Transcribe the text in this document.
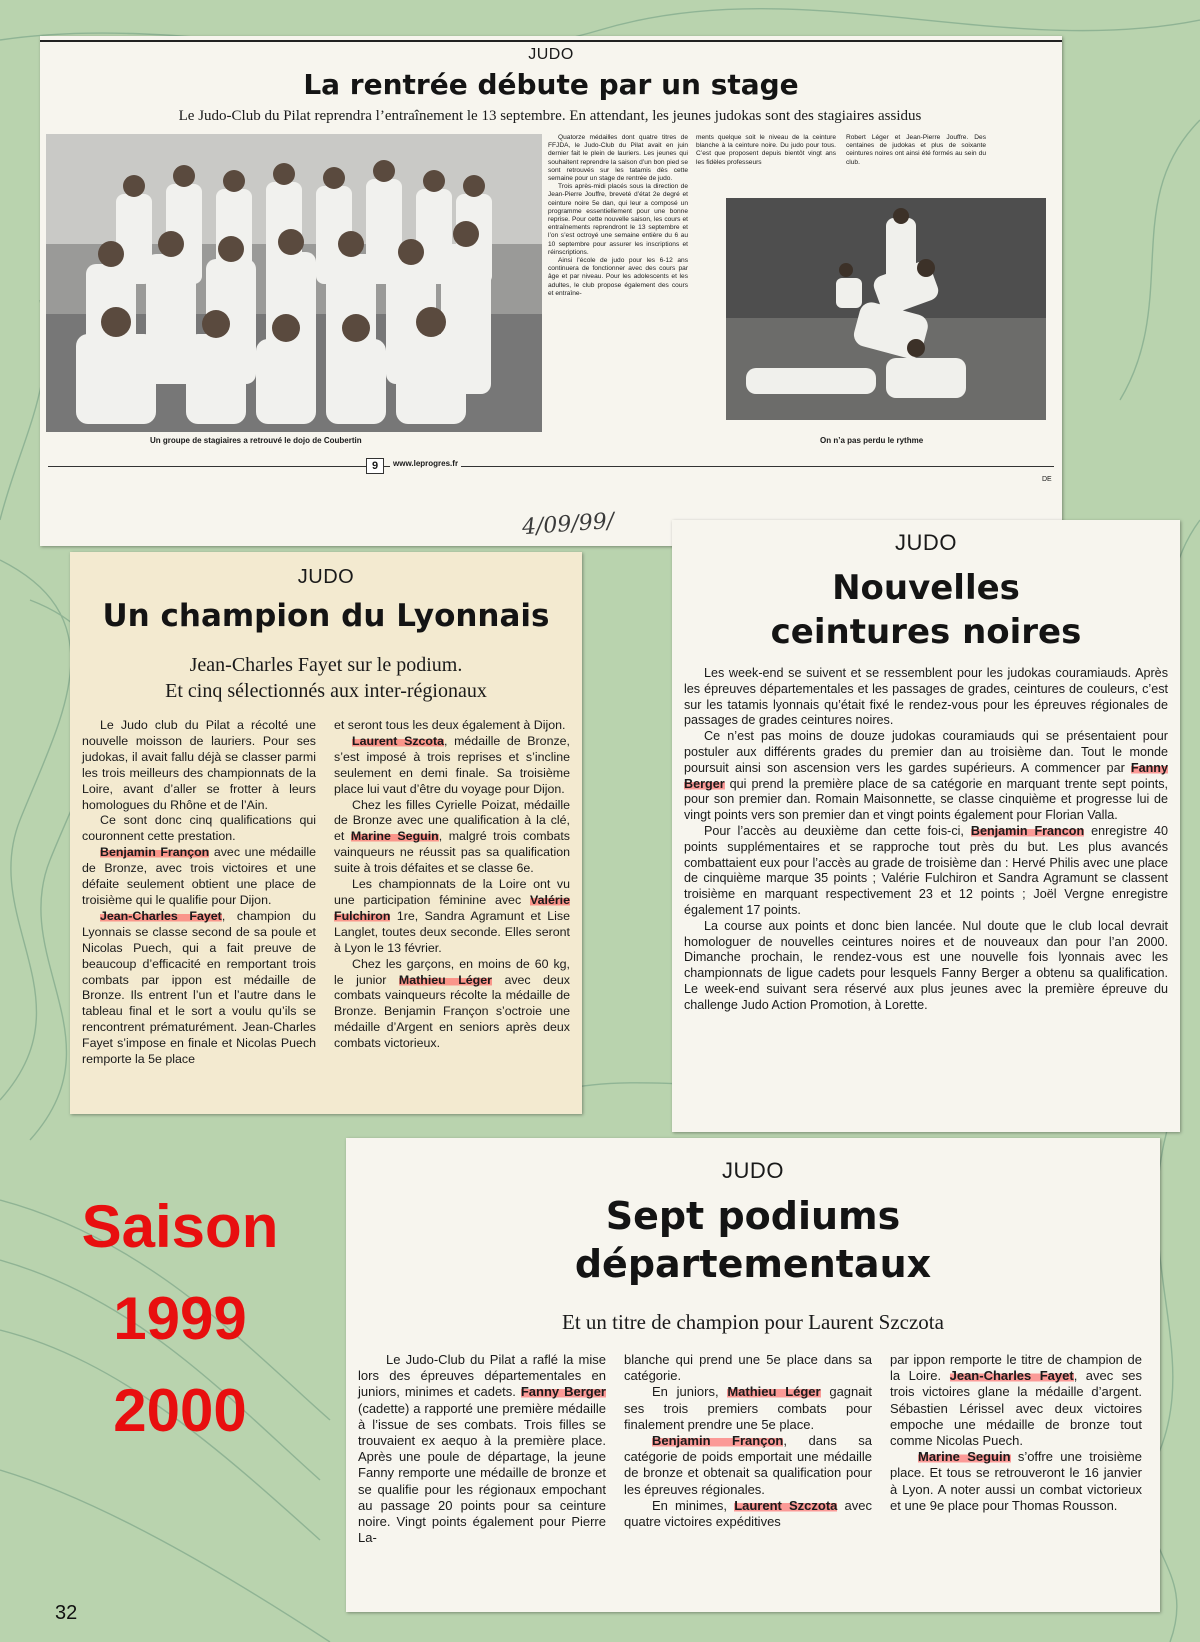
JUDO
La rentrée débute par un stage
Le Judo-Club du Pilat reprendra l’entraînement le 13 septembre. En attendant, les jeunes judokas sont des stagiaires assidus
Un groupe de stagiaires a retrouvé le dojo de Coubertin

Quatorze médailles dont quatre titres de FFJDA, le Judo-Club du Pilat avait en juin dernier fait le plein de lauriers. Les jeunes qui souhaitent reprendre la saison d’un bon pied se sont retrouvés sur les tatamis dès cette semaine pour un stage de rentrée de judo.

Trois après-midi placés sous la direction de Jean-Pierre Jouffre, breveté d’état 2e degré et ceinture noire 5e dan, qui leur a composé un programme essentiellement pour une bonne reprise. Pour cette nouvelle saison, les cours et entraînements reprendront le 13 septembre et l’on s’est octroyé une semaine entière du 6 au 10 septembre pour assurer les inscriptions et réinscriptions.

Ainsi l’école de judo pour les 6-12 ans continuera de fonctionner avec des cours par âge et par niveau. Pour les adolescents et les adultes, le club propose également des cours et entraîne-

ments quelque soit le niveau de la ceinture blanche à la ceinture noire. Du judo pour tous. C’est que proposent depuis bientôt vingt ans les fidèles professeurs

Robert Léger et Jean-Pierre Jouffre. Des centaines de judokas et plus de soixante ceintures noires ont ainsi été formés au sein du club.

On n’a pas perdu le rythme
9	www.leprogres.fr
DE
4/09/99/
JUDO
Un champion du Lyonnais
Jean-Charles Fayet sur le podium.
Et cinq sélectionnés aux inter-régionaux

Le Judo club du Pilat a récolté une nouvelle moisson de lauriers. Pour ses judokas, il avait fallu déjà se classer parmi les trois meilleurs des championnats de la Loire, avant d’aller se frotter à leurs homologues du Rhône et de l’Ain.

Ce sont donc cinq qualifications qui couronnent cette prestation.

Benjamin Françon avec une médaille de Bronze, avec trois victoires et une défaite seulement obtient une place de troisième qui le qualifie pour Dijon.

Jean-Charles Fayet, champion du Lyonnais se classe second de sa poule et Nicolas Puech, qui a fait preuve de beaucoup d’efficacité en remportant trois combats par ippon est médaille de Bronze. Ils entrent l’un et l’autre dans le tableau final et le sort a voulu qu’ils se rencontrent prématurément. Jean-Charles Fayet s’impose en finale et Nicolas Puech remporte la 5e place

et seront tous les deux également à Dijon.

Laurent Szcota, médaille de Bronze, s’est imposé à trois reprises et s’incline seulement en demi finale. Sa troisième place lui vaut d’être du voyage pour Dijon.

Chez les filles Cyrielle Poizat, médaille de Bronze avec une qualification à la clé, et Marine Seguin, malgré trois combats vainqueurs ne réussit pas sa qualification suite à trois défaites et se classe 6e.

Les championnats de la Loire ont vu une participation féminine avec Valérie Fulchiron 1re, Sandra Agramunt et Lise Langlet, toutes deux seconde. Elles seront à Lyon le 13 février.

Chez les garçons, en moins de 60 kg, le junior Mathieu Léger avec deux combats vainqueurs récolte la médaille de Bronze. Benjamin Françon s’octroie une médaille d’Argent en seniors après deux combats victorieux.

JUDO
Nouvelles
ceintures noires

Les week-end se suivent et se ressemblent pour les judokas couramiauds. Après les épreuves départementales et les passages de grades, ceintures de couleurs, c’est sur les tatamis lyonnais qu’était fixé le rendez-vous pour les épreuves régionales de passages de grades ceintures noires.

Ce n’est pas moins de douze judokas couramiauds qui se présentaient pour postuler aux différents grades du premier dan au troisième dan. Tout le monde poursuit ainsi son ascension vers les gardes supérieurs. A commencer par Fanny Berger qui prend la première place de sa catégorie en marquant trente sept points, pour son premier dan. Romain Maisonnette, se classe cinquième et progresse lui de vingt points vers son premier dan et vingt points également pour Florian Valla.

Pour l’accès au deuxième dan cette fois-ci, Benjamin Francon enregistre 40 points supplémentaires et se rapproche tout près du but. Les plus avancés combattaient eux pour l’accès au grade de troisième dan : Hervé Philis avec une place de cinquième marque 35 points ; Valérie Fulchiron et Sandra Agramunt se classent troisième en marquant respectivement 23 et 12 points ; Joël Vergne enregistre également 17 points.

La course aux points et donc bien lancée. Nul doute que le club local devrait homologuer de nouvelles ceintures noires et de nouveaux dan pour l’an 2000. Dimanche prochain, le rendez-vous est une nouvelle fois lyonnais avec les championnats de ligue cadets pour lesquels Fanny Berger a obtenu sa qualification. Le week-end suivant sera réservé aux plus jeunes avec la première épreuve du challenge Judo Action Promotion, à Lorette.

Saison
1999
2000
JUDO
Sept podiums
départementaux
Et un titre de champion pour Laurent Szczota

Le Judo-Club du Pilat a raflé la mise lors des épreuves départementales en juniors, minimes et cadets. Fanny Berger (cadette) a rapporté une première médaille à l’issue de ses combats. Trois filles se trouvaient ex aequo à la première place. Après une poule de départage, la jeune Fanny remporte une médaille de bronze et se qualifie pour les régionaux empochant au passage 20 points pour sa ceinture noire. Vingt points également pour Pierre La-

blanche qui prend une 5e place dans sa catégorie.

En juniors, Mathieu Léger gagnait ses trois premiers combats pour finalement prendre une 5e place.

Benjamin Françon, dans sa catégorie de poids emportait une médaille de bronze et obtenait sa qualification pour les épreuves régionales.

En minimes, Laurent Szczota avec quatre victoires expéditives

par ippon remporte le titre de champion de la Loire. Jean-Charles Fayet, avec ses trois victoires glane la médaille d’argent. Sébastien Lérissel avec deux victoires empoche une médaille de bronze tout comme Nicolas Puech.

Marine Seguin s’offre une troisième place. Et tous se retrouveront le 16 janvier à Lyon. A noter aussi un combat victorieux et une 9e place pour Thomas Rousson.

32
